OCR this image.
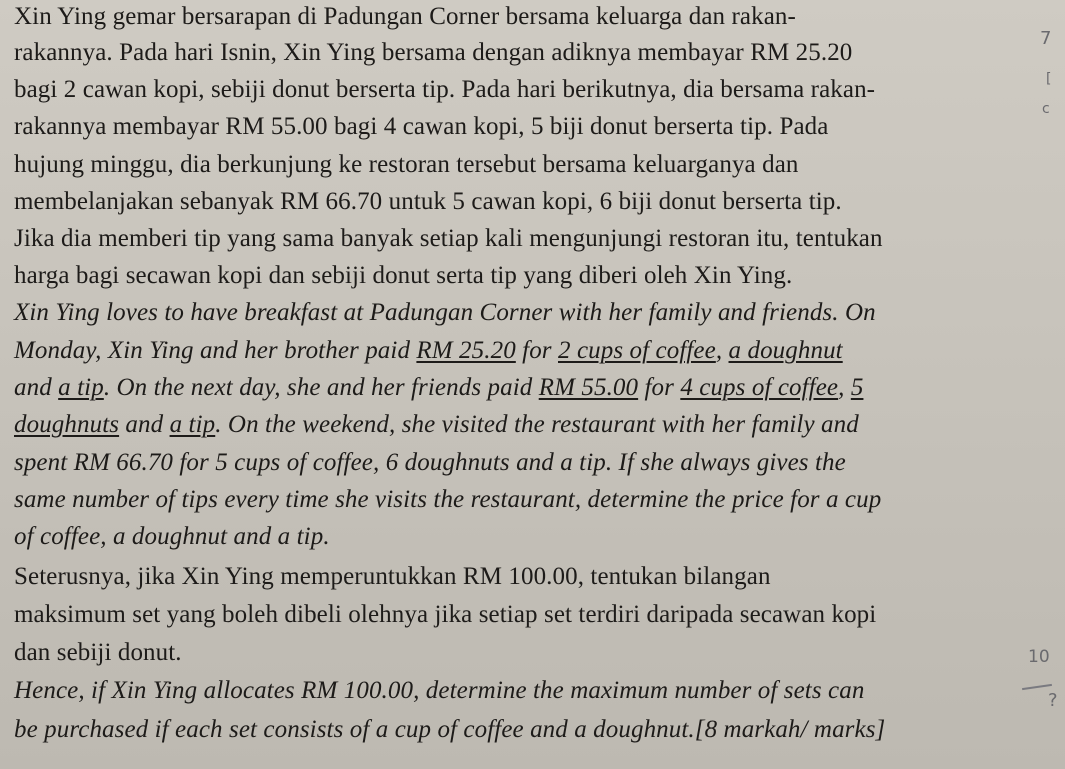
Xin Ying gemar bersarapan di Padungan Corner bersama keluarga dan rakan-
rakannya. Pada hari Isnin, Xin Ying bersama dengan adiknya membayar RM 25.20
bagi 2 cawan kopi, sebiji donut berserta tip. Pada hari berikutnya, dia bersama rakan-
rakannya membayar RM 55.00 bagi 4 cawan kopi, 5 biji donut berserta tip. Pada
hujung minggu, dia berkunjung ke restoran tersebut bersama keluarganya dan
membelanjakan sebanyak RM 66.70 untuk 5 cawan kopi, 6 biji donut berserta tip.
Jika dia memberi tip yang sama banyak setiap kali mengunjungi restoran itu, tentukan
harga bagi secawan kopi dan sebiji donut serta tip yang diberi oleh Xin Ying.
Xin Ying loves to have breakfast at Padungan Corner with her family and friends. On
Monday, Xin Ying and her brother paid RM 25.20 for 2 cups of coffee, a doughnut
and a tip. On the next day, she and her friends paid RM 55.00 for 4 cups of coffee, 5
doughnuts and a tip. On the weekend, she visited the restaurant with her family and
spent RM 66.70 for 5 cups of coffee, 6 doughnuts and a tip. If she always gives the
same number of tips every time she visits the restaurant, determine the price for a cup
of coffee, a doughnut and a tip.
Seterusnya, jika Xin Ying memperuntukkan RM 100.00, tentukan bilangan
maksimum set yang boleh dibeli olehnya jika setiap set terdiri daripada secawan kopi
dan sebiji donut.
Hence, if Xin Ying allocates RM 100.00, determine the maximum number of sets can
be purchased if each set consists of a cup of coffee and a doughnut.[8 markah/ marks]
7
[
c
10
?
